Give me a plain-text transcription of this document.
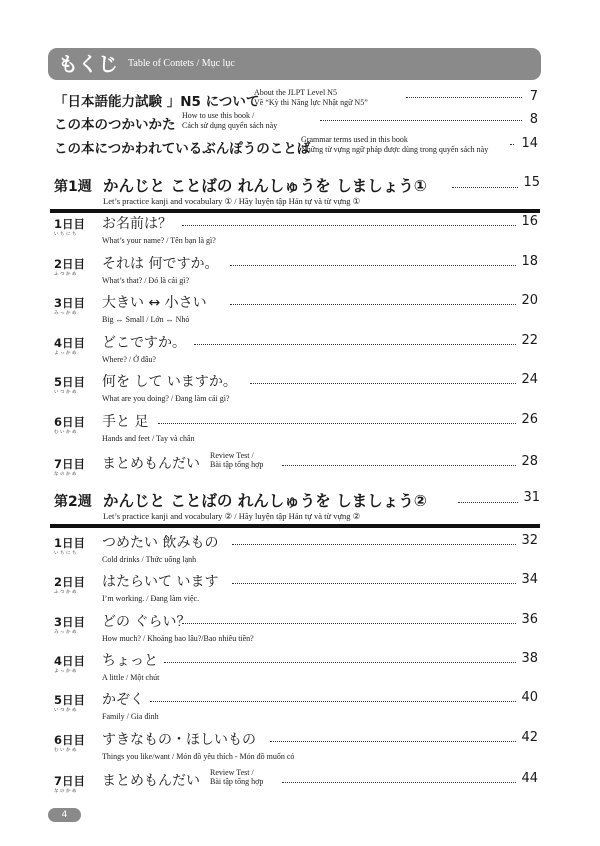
もくじ Table of Contets / Mục lục
「日本語能力試験 」N5 について
About the JLPT Level N5
Về “Kỳ thi Năng lực Nhật ngữ N5”	7
この本のつかいかた
How to use this book /
Cách sử dụng quyển sách này	8
この本につかわれているぶんぽうのことば
Grammar terms used in this book
Những từ vựng ngữ pháp được dùng trong quyển sách này	14
第1週 かんじと ことばの れんしゅうを しましょう①	15
Let’s practice kanji and vocabulary ① / Hãy luyện tập Hán tự và từ vựng ①
1日目
いちにち
お名前は？	16
What’s your name? / Tên bạn là gì?
2日目
ふつかめ
それは 何ですか。	18
What’s that? / Đó là cái gì?
3日目
みっかめ
大きい ↔ 小さい	20
Big ↔ Small / Lớn ↔ Nhỏ
4日目
よっかめ
どこですか。	22
Where? / Ở đâu?
5日目
いつかめ
何を して いますか。	24
What are you doing? / Đang làm cái gì?
6日目
むいかめ
手と 足	26
Hands and feet / Tay và chân
7日目
なのかめ
まとめもんだい
Review Test /
Bài tập tổng hợp	28
第2週 かんじと ことばの れんしゅうを しましょう②	31
Let’s practice kanji and vocabulary ② / Hãy luyện tập Hán tự và từ vựng ②
1日目
いちにち
つめたい 飲みもの	32
Cold drinks / Thức uống lạnh
2日目
ふつかめ
はたらいて います	34
I’m working. / Đang làm việc.
3日目
みっかめ
どの ぐらい？	36
How much? / Khoảng bao lâu?/Bao nhiêu tiền?
4日目
よっかめ
ちょっと	38
A little / Một chút
5日目
いつかめ
かぞく	40
Family / Gia đình
6日目
むいかめ
すきなもの・ほしいもの	42
Things you like/want / Món đồ yêu thích - Món đồ muốn có
7日目
なのかめ
まとめもんだい
Review Test /
Bài tập tổng hợp	44
4
